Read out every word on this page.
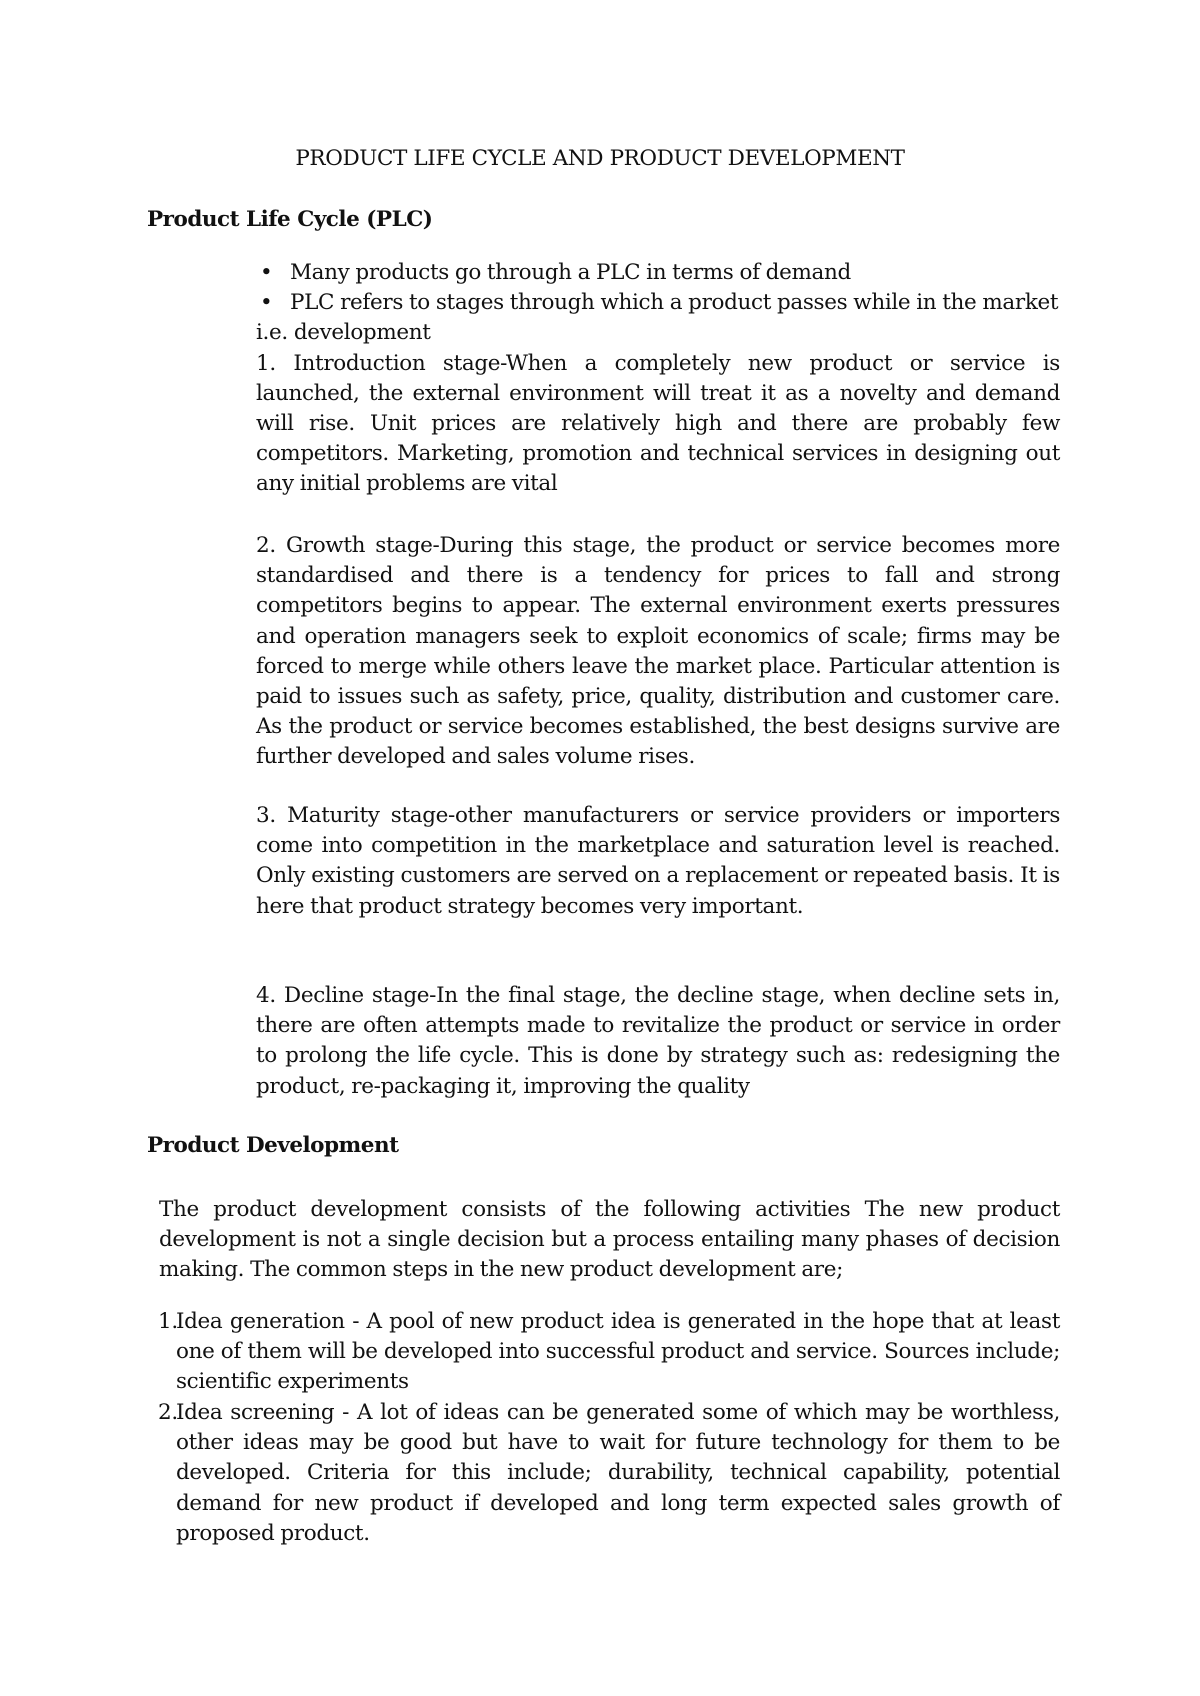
PRODUCT LIFE CYCLE AND PRODUCT DEVELOPMENT
Product Life Cycle (PLC)
• Many products go through a PLC in terms of demand
• PLC refers to stages through which a product passes while in the market
i.e. development
1. Introduction stage-When a completely new product or service is launched, the external environment will treat it as a novelty and demand will rise. Unit prices are relatively high and there are probably few competitors. Marketing, promotion and technical services in designing out any initial problems are vital

2. Growth stage-During this stage, the product or service becomes more standardised and there is a tendency for prices to fall and strong competitors begins to appear. The external environment exerts pressures and operation managers seek to exploit economics of scale; firms may be forced to merge while others leave the market place. Particular attention is paid to issues such as safety, price, quality, distribution and customer care. As the product or service becomes established, the best designs survive are further developed and sales volume rises.

3. Maturity stage-other manufacturers or service providers or importers come into competition in the marketplace and saturation level is reached. Only existing customers are served on a replacement or repeated basis. It is here that product strategy becomes very important.

4. Decline stage-In the final stage, the decline stage, when decline sets in, there are often attempts made to revitalize the product or service in order to prolong the life cycle. This is done by strategy such as: redesigning the product, re-packaging it, improving the quality

Product Development

The product development consists of the following activities The new product development is not a single decision but a process entailing many phases of decision making. The common steps in the new product development are;

1.
Idea generation - A pool of new product idea is generated in the hope that at least one of them will be developed into successful product and service. Sources include; scientific experiments
2.
Idea screening - A lot of ideas can be generated some of which may be worthless, other ideas may be good but have to wait for future technology for them to be developed. Criteria for this include; durability, technical capability, potential demand for new product if developed and long term expected sales growth of proposed product.
